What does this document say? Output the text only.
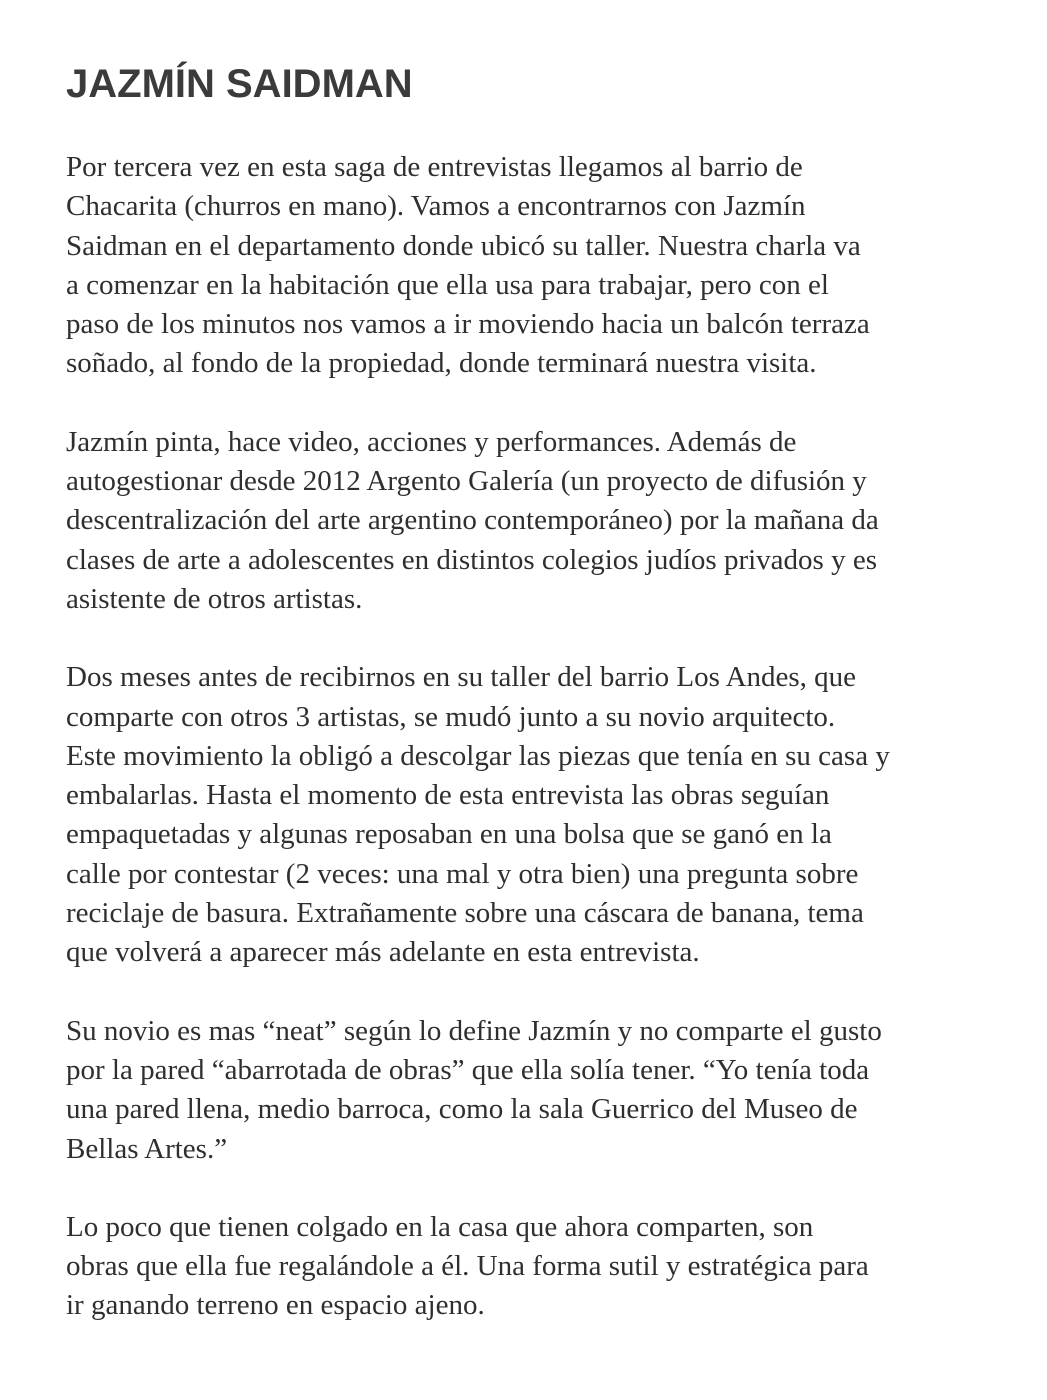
JAZMÍN SAIDMAN
Por tercera vez en esta saga de entrevistas llegamos al barrio de
Chacarita (churros en mano). Vamos a encontrarnos con Jazmín
Saidman en el departamento donde ubicó su taller. Nuestra charla va
a comenzar en la habitación que ella usa para trabajar, pero con el
paso de los minutos nos vamos a ir moviendo hacia un balcón terraza
soñado, al fondo de la propiedad, donde terminará nuestra visita.
Jazmín pinta, hace video, acciones y performances. Además de
autogestionar desde 2012 Argento Galería (un proyecto de difusión y
descentralización del arte argentino contemporáneo) por la mañana da
clases de arte a adolescentes en distintos colegios judíos privados y es
asistente de otros artistas.
Dos meses antes de recibirnos en su taller del barrio Los Andes, que
comparte con otros 3 artistas, se mudó junto a su novio arquitecto.
Este movimiento la obligó a descolgar las piezas que tenía en su casa y
embalarlas. Hasta el momento de esta entrevista las obras seguían
empaquetadas y algunas reposaban en una bolsa que se ganó en la
calle por contestar (2 veces: una mal y otra bien) una pregunta sobre
reciclaje de basura. Extrañamente sobre una cáscara de banana, tema
que volverá a aparecer más adelante en esta entrevista.
Su novio es mas “neat” según lo define Jazmín y no comparte el gusto
por la pared “abarrotada de obras” que ella solía tener. “Yo tenía toda
una pared llena, medio barroca, como la sala Guerrico del Museo de
Bellas Artes.”
Lo poco que tienen colgado en la casa que ahora comparten, son
obras que ella fue regalándole a él. Una forma sutil y estratégica para
ir ganando terreno en espacio ajeno.
